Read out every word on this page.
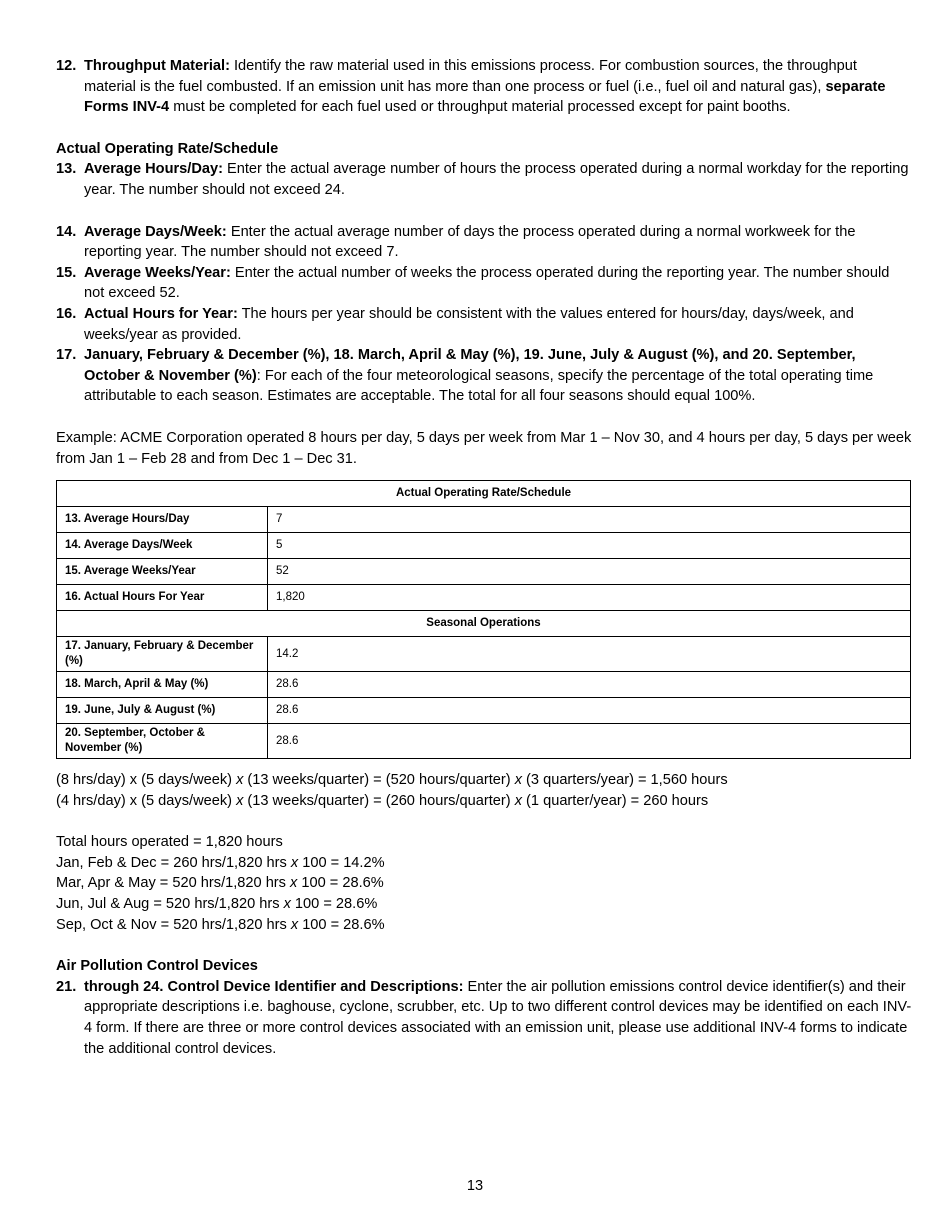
12. Throughput Material: Identify the raw material used in this emissions process. For combustion sources, the throughput material is the fuel combusted. If an emission unit has more than one process or fuel (i.e., fuel oil and natural gas), separate Forms INV-4 must be completed for each fuel used or throughput material processed except for paint booths.
Actual Operating Rate/Schedule
13. Average Hours/Day: Enter the actual average number of hours the process operated during a normal workday for the reporting year. The number should not exceed 24.
14. Average Days/Week: Enter the actual average number of days the process operated during a normal workweek for the reporting year. The number should not exceed 7.
15. Average Weeks/Year: Enter the actual number of weeks the process operated during the reporting year. The number should not exceed 52.
16. Actual Hours for Year: The hours per year should be consistent with the values entered for hours/day, days/week, and weeks/year as provided.
17. January, February & December (%), 18. March, April & May (%), 19. June, July & August (%), and 20. September, October & November (%): For each of the four meteorological seasons, specify the percentage of the total operating time attributable to each season. Estimates are acceptable. The total for all four seasons should equal 100%.

Example: ACME Corporation operated 8 hours per day, 5 days per week from Mar 1 – Nov 30, and 4 hours per day, 5 days per week from Jan 1 – Feb 28 and from Dec 1 – Dec 31.

Actual Operating Rate/Schedule	
13. Average Hours/Day	7
14. Average Days/Week	5
15. Average Weeks/Year	52
16. Actual Hours For Year	1,820
Seasonal Operations	
17. January, February & December (%)	14.2
18. March, April & May (%)	28.6
19. June, July & August (%)	28.6
20. September, October & November (%)	28.6

(8 hrs/day) x (5 days/week) x (13 weeks/quarter) = (520 hours/quarter) x (3 quarters/year) = 1,560 hours

(4 hrs/day) x (5 days/week) x (13 weeks/quarter) = (260 hours/quarter) x (1 quarter/year) = 260 hours

Total hours operated = 1,820 hours

Jan, Feb & Dec = 260 hrs/1,820 hrs x 100 = 14.2%

Mar, Apr & May = 520 hrs/1,820 hrs x 100 = 28.6%

Jun, Jul & Aug = 520 hrs/1,820 hrs x 100 = 28.6%

Sep, Oct & Nov = 520 hrs/1,820 hrs x 100 = 28.6%

Air Pollution Control Devices
21. through 24. Control Device Identifier and Descriptions: Enter the air pollution emissions control device identifier(s) and their appropriate descriptions i.e. baghouse, cyclone, scrubber, etc. Up to two different control devices may be identified on each INV-4 form. If there are three or more control devices associated with an emission unit, please use additional INV-4 forms to indicate the additional control devices.
13
